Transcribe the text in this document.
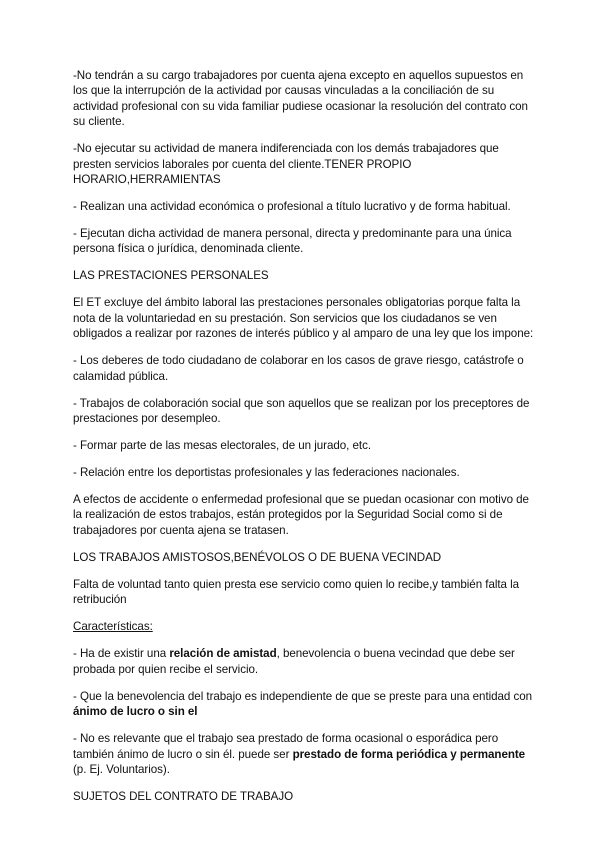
-No tendrán a su cargo trabajadores por cuenta ajena excepto en aquellos supuestos en los que la interrupción de la actividad por causas vinculadas a la conciliación de su actividad profesional con su vida familiar pudiese ocasionar la resolución del contrato con su cliente.

-No ejecutar su actividad de manera indiferenciada con los demás trabajadores que presten servicios laborales por cuenta del cliente.TENER PROPIO HORARIO,HERRAMIENTAS

- Realizan una actividad económica o profesional a título lucrativo y de forma habitual.

- Ejecutan dicha actividad de manera personal, directa y predominante para una única persona física o jurídica, denominada cliente.

LAS PRESTACIONES PERSONALES

El ET excluye del ámbito laboral las prestaciones personales obligatorias porque falta la nota de la voluntariedad en su prestación. Son servicios que los ciudadanos se ven obligados a realizar por razones de interés público y al amparo de una ley que los impone:

- Los deberes de todo ciudadano de colaborar en los casos de grave riesgo, catástrofe o calamidad pública.

- Trabajos de colaboración social que son aquellos que se realizan por los preceptores de prestaciones por desempleo.

- Formar parte de las mesas electorales, de un jurado, etc.

- Relación entre los deportistas profesionales y las federaciones nacionales.

A efectos de accidente o enfermedad profesional que se puedan ocasionar con motivo de la realización de estos trabajos, están protegidos por la Seguridad Social como si de trabajadores por cuenta ajena se tratasen.

LOS TRABAJOS AMISTOSOS,BENÉVOLOS O DE BUENA VECINDAD

Falta de voluntad tanto quien presta ese servicio como quien lo recibe,y también falta la retribución

Características:

- Ha de existir una relación de amistad, benevolencia o buena vecindad que debe ser probada por quien recibe el servicio.

- Que la benevolencia del trabajo es independiente de que se preste para una entidad con ánimo de lucro o sin el

- No es relevante que el trabajo sea prestado de forma ocasional o esporádica pero también ánimo de lucro o sin él. puede ser prestado de forma periódica y permanente (p. Ej. Voluntarios).

SUJETOS DEL CONTRATO DE TRABAJO
